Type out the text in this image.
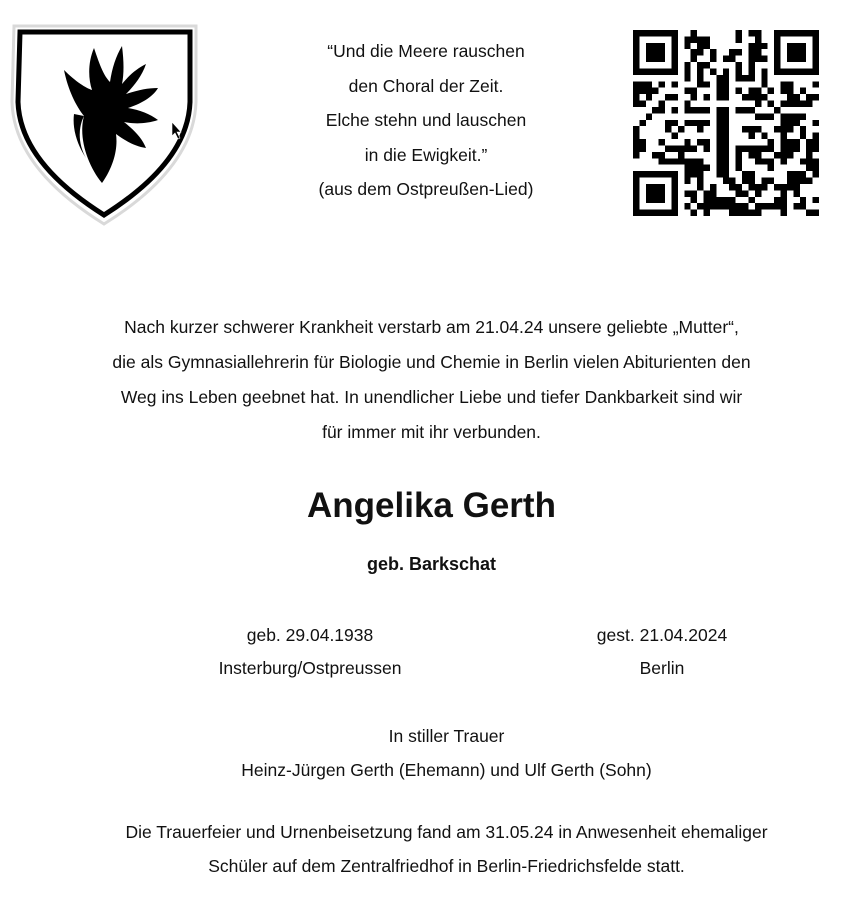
“Und die Meere rauschen
den Choral der Zeit.
Elche stehn und lauschen
in die Ewigkeit.”
(aus dem Ostpreußen-Lied)
Nach kurzer schwerer Krankheit verstarb am 21.04.24 unsere geliebte „Mutter“,
die als Gymnasiallehrerin für Biologie und Chemie in Berlin vielen Abiturienten den
Weg ins Leben geebnet hat. In unendlicher Liebe und tiefer Dankbarkeit sind wir
für immer mit ihr verbunden.
Angelika Gerth
geb. Barkschat
geb. 29.04.1938
Insterburg/Ostpreussen
gest. 21.04.2024
Berlin
In stiller Trauer
Heinz-Jürgen Gerth (Ehemann) und Ulf Gerth (Sohn)
Die Trauerfeier und Urnenbeisetzung fand am 31.05.24 in Anwesenheit ehemaliger
Schüler auf dem Zentralfriedhof in Berlin-Friedrichsfelde statt.
